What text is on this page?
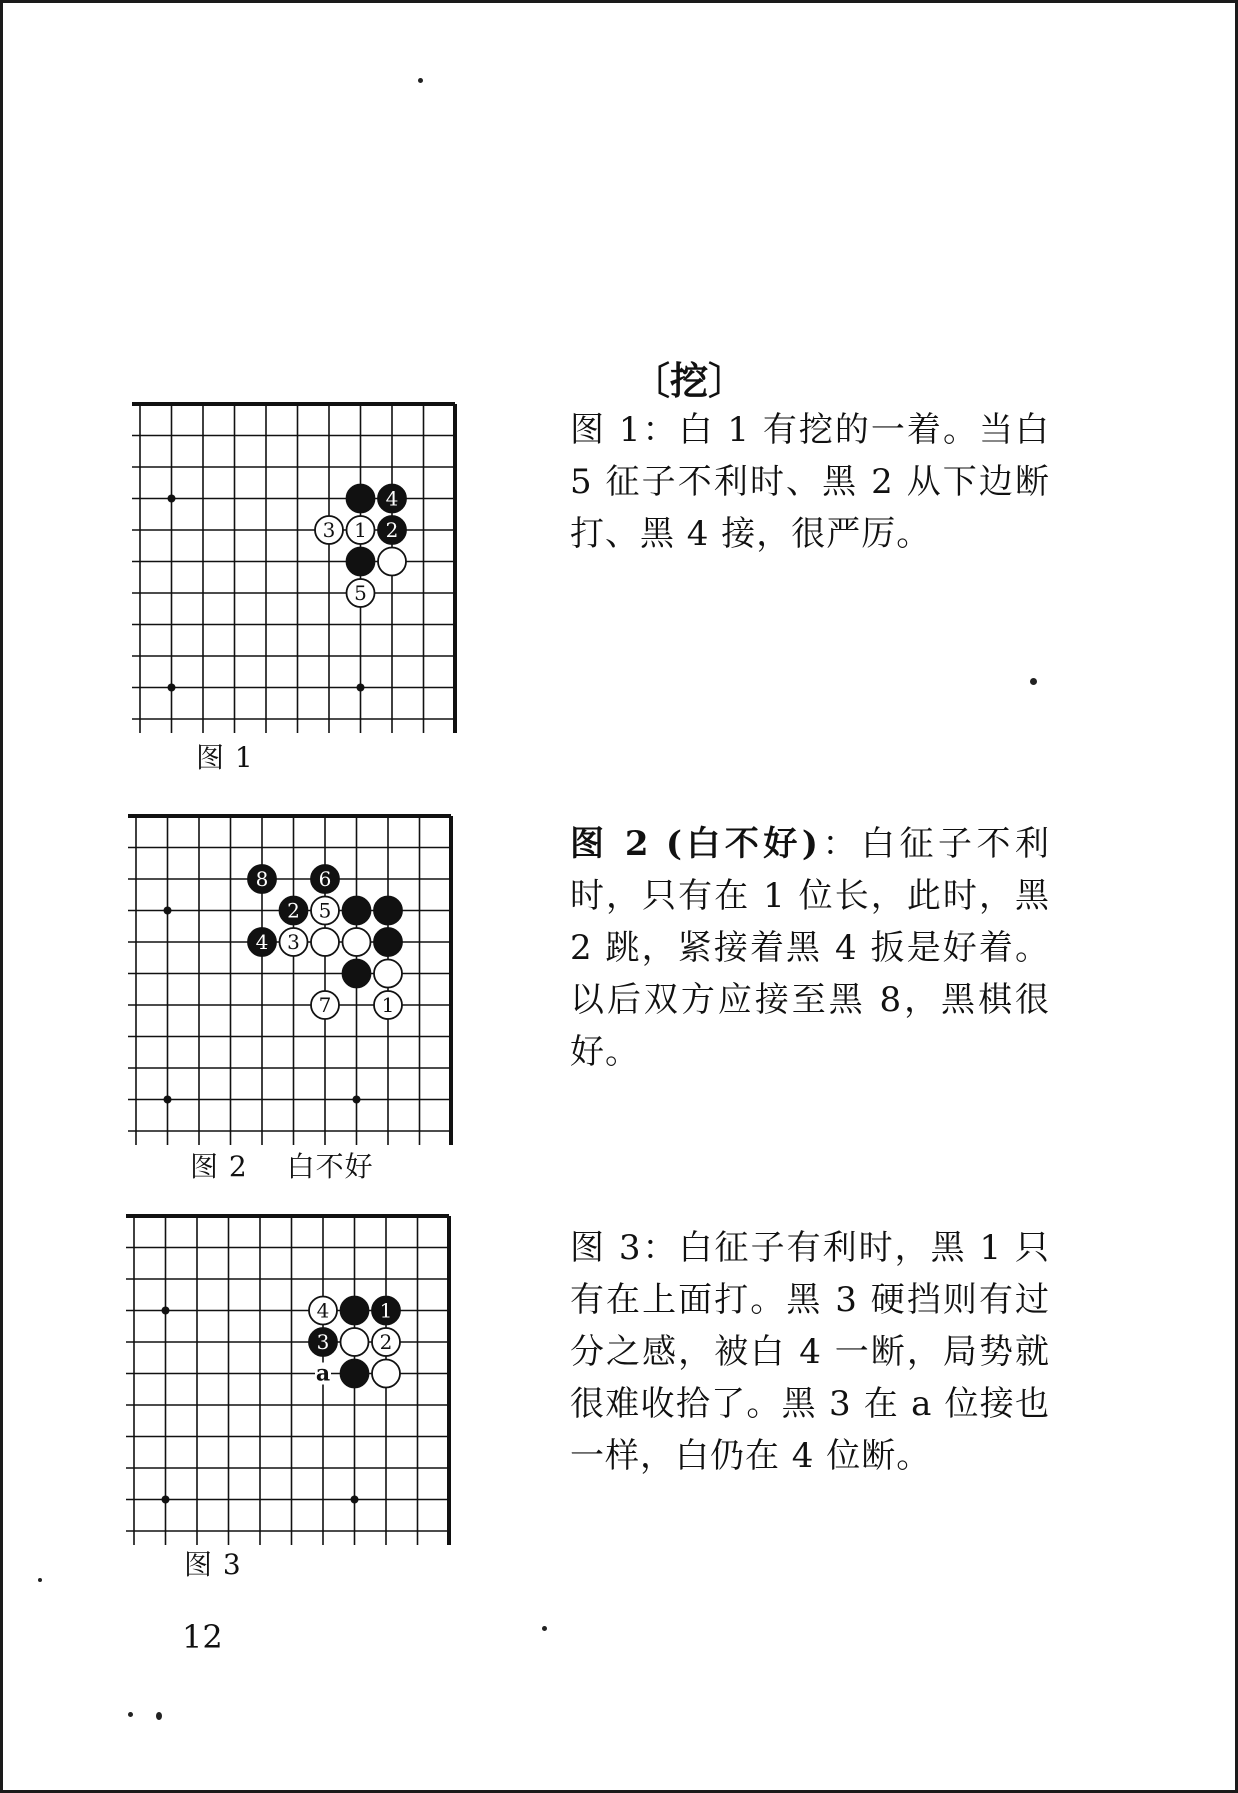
〔挖〕
4
3 1 2
5
图 1
图 1：白 1 有挖的一着。当白 5 征子不利时、黑 2 从下边断打、黑 4 接，很严厉。
8	6
2 5
4 3
7	1
图 2　 白不好
图 2 (白不好)：白征子不利时，只有在 1 位长，此时，黑 2 跳，紧接着黑 4 扳是好着。以后双方应接至黑 8，黑棋很好。
a
4	1
3	2
图 3
图 3：白征子有利时，黑 1 只有在上面打。黑 3 硬挡则有过分之感，被白 4 一断，局势就很难收拾了。黑 3 在 a 位接也一样，白仍在 4 位断。
12
